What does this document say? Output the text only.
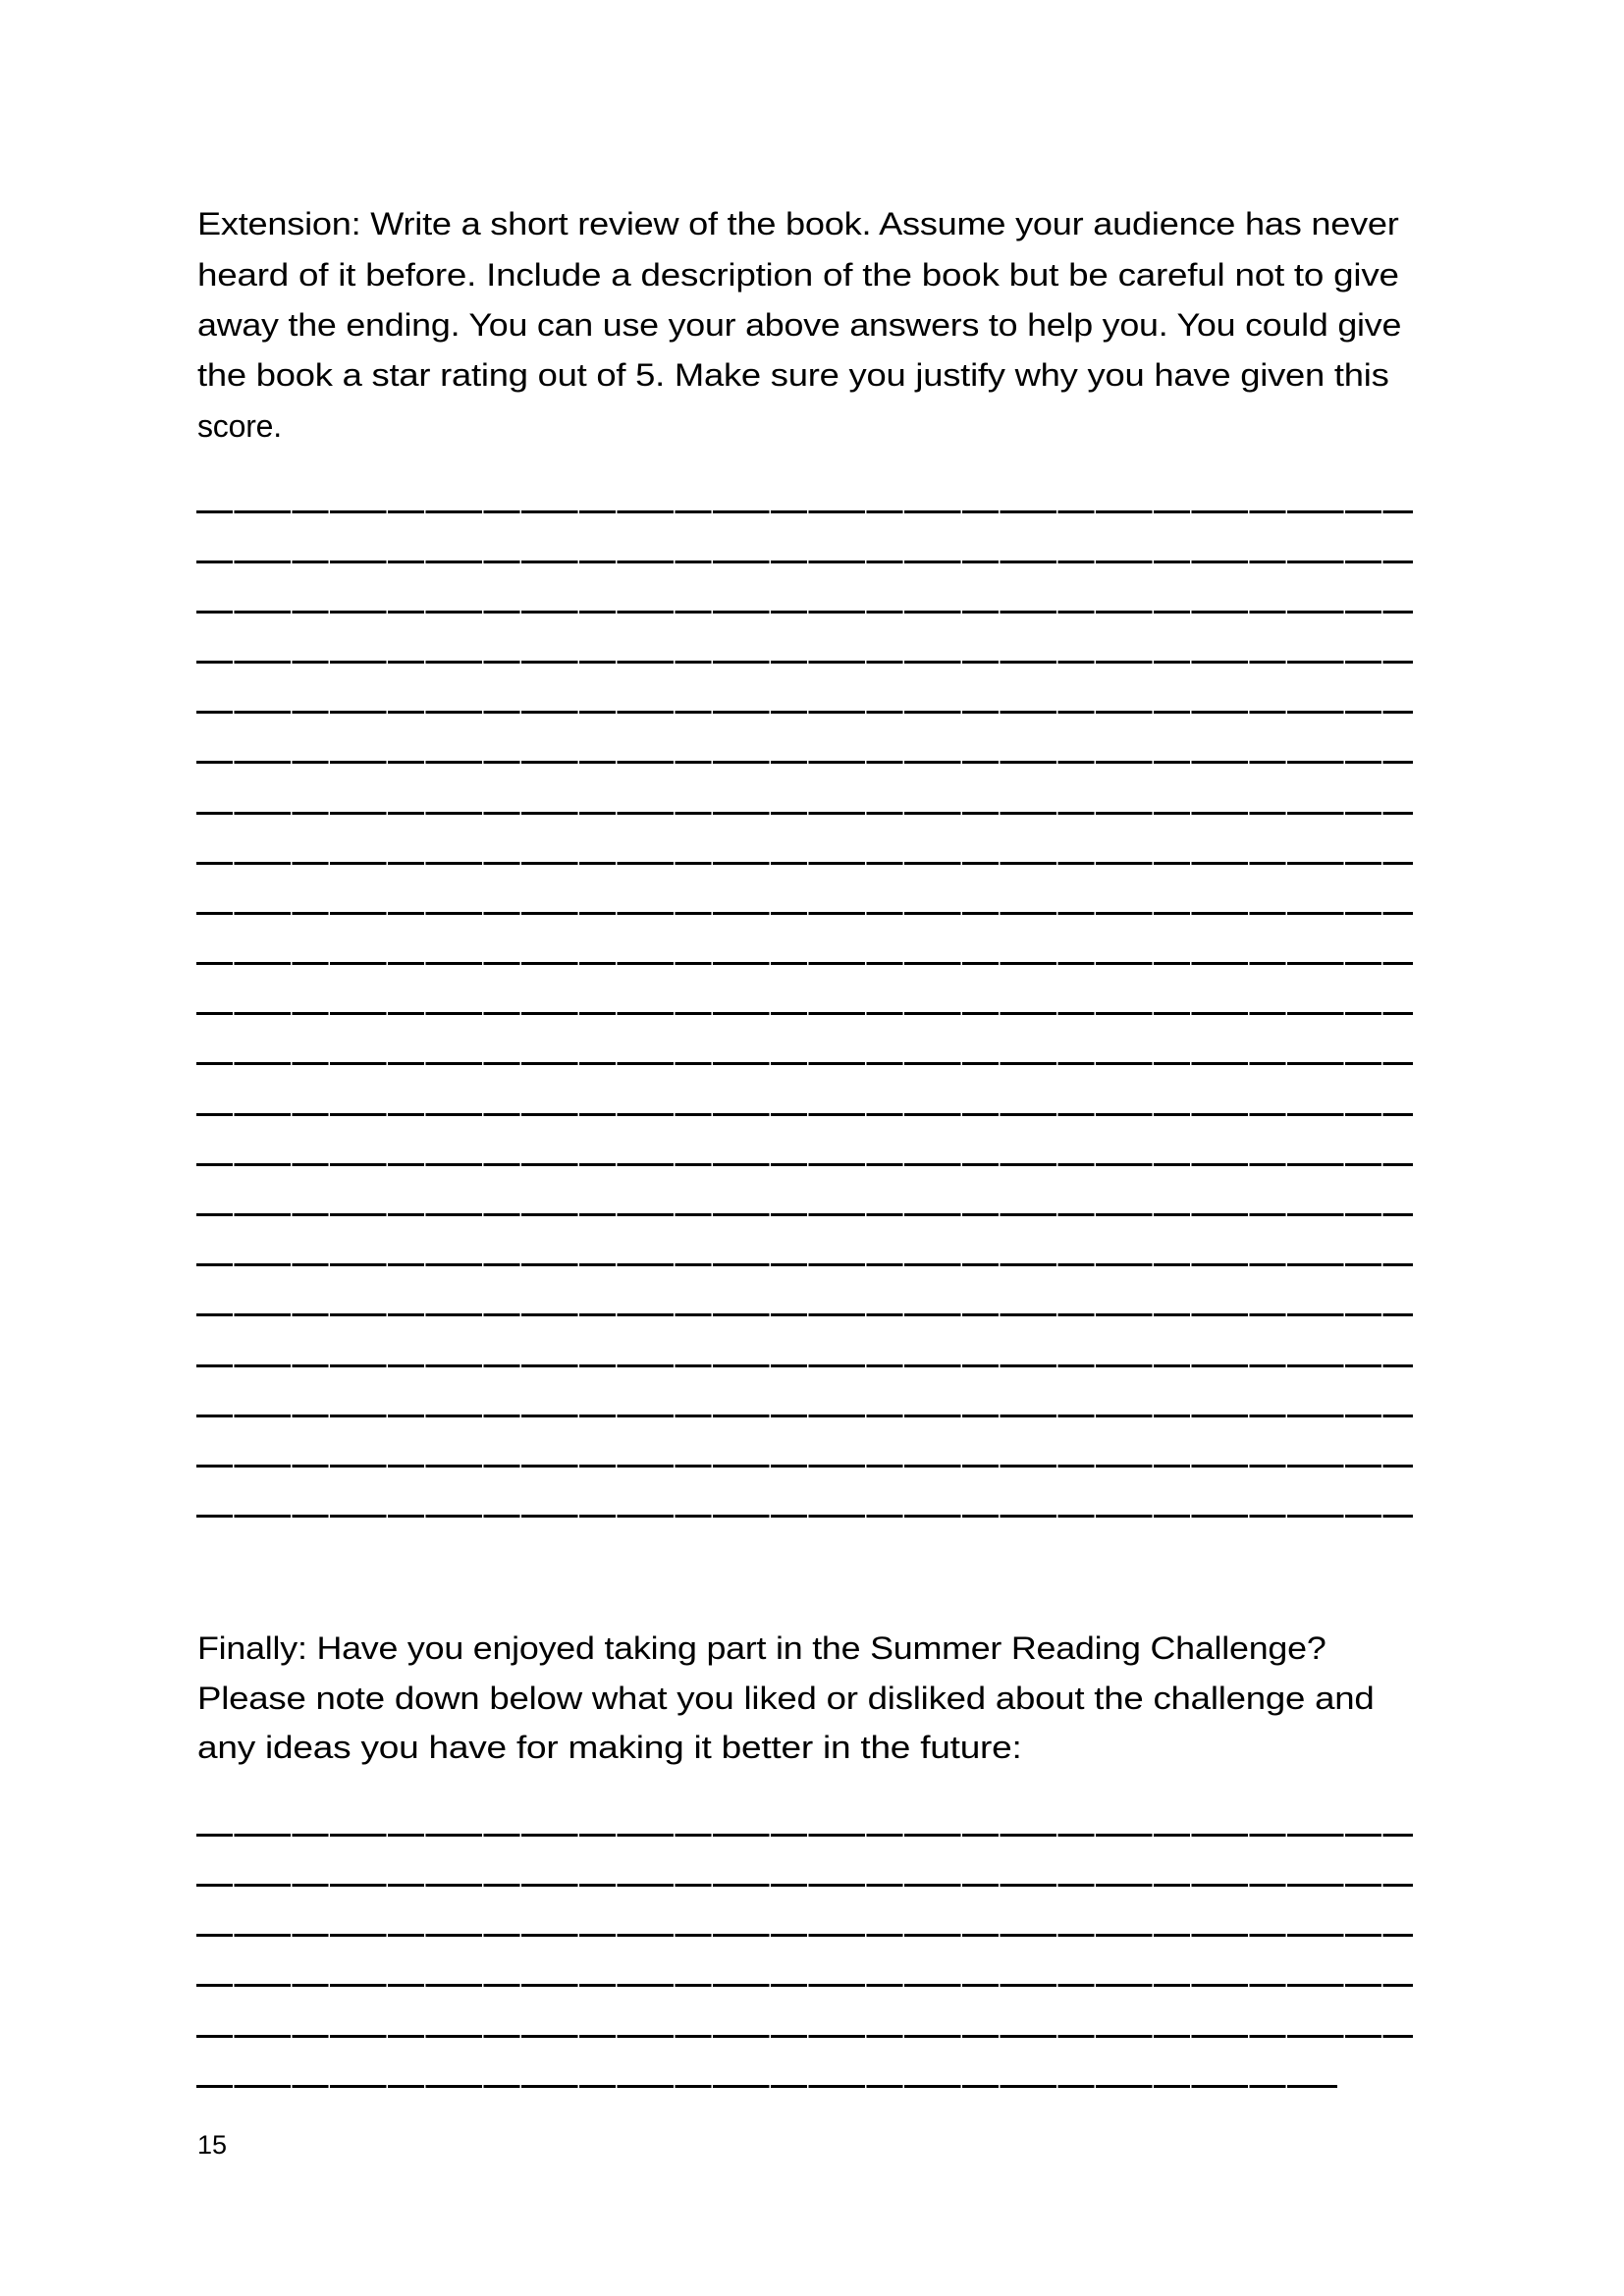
Extension: Write a short review of the book. Assume your audience has never
heard of it before. Include a description of the book but be careful not to give
away the ending. You can use your above answers to help you. You could give
the book a star rating out of 5. Make sure you justify why you have given this
score.
Finally: Have you enjoyed taking part in the Summer Reading Challenge?
Please note down below what you liked or disliked about the challenge and
any ideas you have for making it better in the future:
15
